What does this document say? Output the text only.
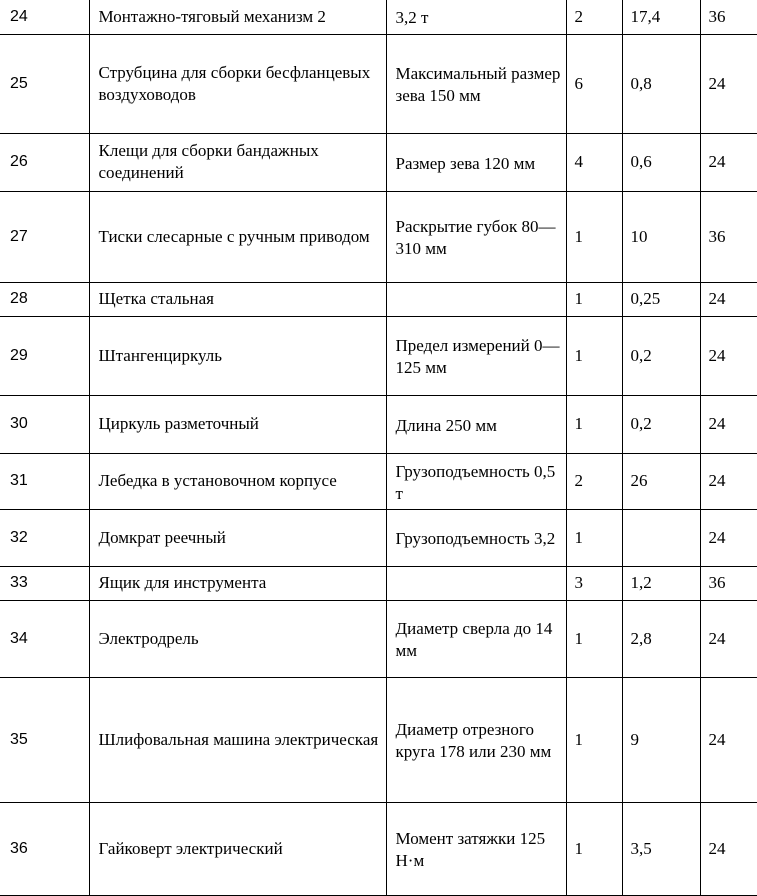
24	Монтажно-тяговый механизм 2	3,2 т	2	17,4	36
25	Струбцина для сборки бесфланцевых воздуховодов	Максимальный размер зева 150 мм	6	0,8	24
26	Клещи для сборки бандажных соединений	Размер зева 120 мм	4	0,6	24
27	Тиски слесарные с ручным приводом	Раскрытие губок 80—310 мм	1	10	36
28	Щетка стальная		1	0,25	24
29	Штангенциркуль	Предел измерений 0—125 мм	1	0,2	24
30	Циркуль разметочный	Длина 250 мм	1	0,2	24
31	Лебедка в установочном корпусе	Грузоподъемность 0,5 т	2	26	24
32	Домкрат реечный	Грузоподъемность 3,2	1		24
33	Ящик для инструмента		3	1,2	36
34	Электродрель	Диаметр сверла до 14 мм	1	2,8	24
35	Шлифовальная машина электрическая	Диаметр отрезного круга 178 или 230 мм	1	9	24
36	Гайковерт электрический	Момент затяжки 125 Н·м	1	3,5	24
